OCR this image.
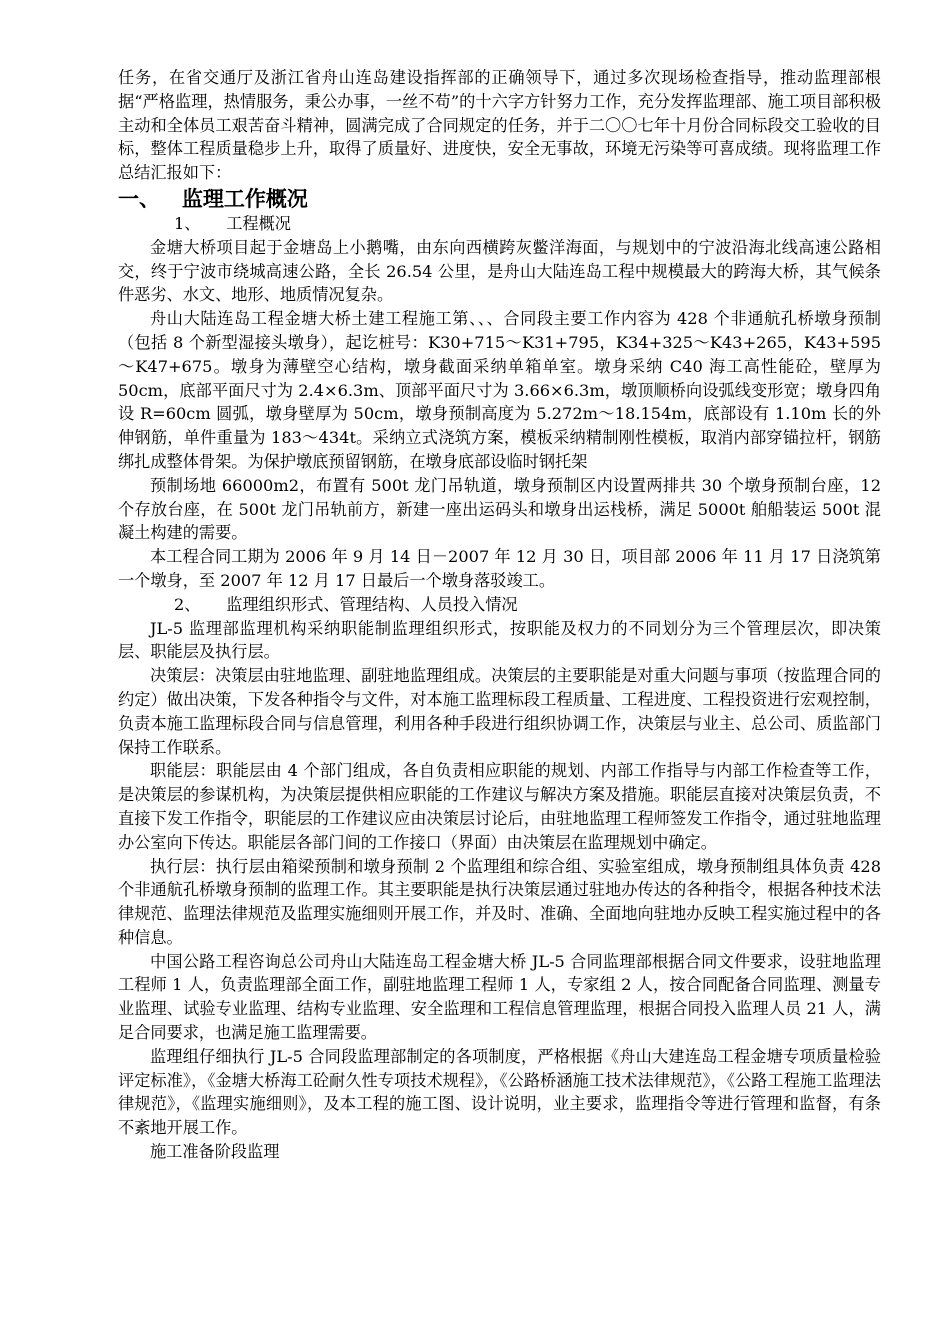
任务，在省交通厅及浙江省舟山连岛建设指挥部的正确领导下，通过多次现场检查指导，推动监理部根据“严格监理，热情服务，秉公办事，一丝不苟”的十六字方针努力工作，充分发挥监理部、施工项目部积极主动和全体员工艰苦奋斗精神，圆满完成了合同规定的任务，并于二〇〇七年十月份合同标段交工验收的目标，整体工程质量稳步上升，取得了质量好、进度快，安全无事故，环境无污染等可喜成绩。现将监理工作总结汇报如下：

一、   监理工作概况

1、     工程概况

金塘大桥项目起于金塘岛上小鹅嘴，由东向西横跨灰鳖洋海面，与规划中的宁波沿海北线高速公路相交，终于宁波市绕城高速公路，全长 26.54 公里，是舟山大陆连岛工程中规模最大的跨海大桥，其气候条件恶劣、水文、地形、地质情况复杂。

舟山大陆连岛工程金塘大桥土建工程施工第、、、合同段主要工作内容为 428 个非通航孔桥墩身预制（包括 8 个新型湿接头墩身），起讫桩号：K30+715～K31+795，K34+325～K43+265，K43+595～K47+675。墩身为薄壁空心结构，墩身截面采纳单箱单室。墩身采纳 C40 海工高性能砼，壁厚为 50cm，底部平面尺寸为 2.4×6.3m、顶部平面尺寸为 3.66×6.3m，墩顶顺桥向设弧线变形宽；墩身四角设 R=60cm 圆弧，墩身壁厚为 50cm，墩身预制高度为 5.272m～18.154m，底部设有 1.10m 长的外伸钢筋，单件重量为 183～434t。采纳立式浇筑方案，模板采纳精制刚性模板，取消内部穿锚拉杆，钢筋绑扎成整体骨架。为保护墩底预留钢筋，在墩身底部设临时钢托架

预制场地 66000m2，布置有 500t 龙门吊轨道，墩身预制区内设置两排共 30 个墩身预制台座，12 个存放台座，在 500t 龙门吊轨前方，新建一座出运码头和墩身出运栈桥，满足 5000t 舶船装运 500t 混凝土构建的需要。

本工程合同工期为 2006 年 9 月 14 日－2007 年 12 月 30 日，项目部 2006 年 11 月 17 日浇筑第一个墩身，至 2007 年 12 月 17 日最后一个墩身落驳竣工。

2、     监理组织形式、管理结构、人员投入情况

JL-5 监理部监理机构采纳职能制监理组织形式，按职能及权力的不同划分为三个管理层次，即决策层、职能层及执行层。

决策层：决策层由驻地监理、副驻地监理组成。决策层的主要职能是对重大问题与事项（按监理合同的约定）做出决策，下发各种指令与文件，对本施工监理标段工程质量、工程进度、工程投资进行宏观控制，负责本施工监理标段合同与信息管理，利用各种手段进行组织协调工作，决策层与业主、总公司、质监部门保持工作联系。

职能层：职能层由 4 个部门组成，各自负责相应职能的规划、内部工作指导与内部工作检查等工作，是决策层的参谋机构，为决策层提供相应职能的工作建议与解决方案及措施。职能层直接对决策层负责，不直接下发工作指令，职能层的工作建议应由决策层讨论后，由驻地监理工程师签发工作指令，通过驻地监理办公室向下传达。职能层各部门间的工作接口（界面）由决策层在监理规划中确定。

执行层：执行层由箱梁预制和墩身预制 2 个监理组和综合组、实验室组成，墩身预制组具体负责 428 个非通航孔桥墩身预制的监理工作。其主要职能是执行决策层通过驻地办传达的各种指令，根据各种技术法律规范、监理法律规范及监理实施细则开展工作，并及时、准确、全面地向驻地办反映工程实施过程中的各种信息。

中国公路工程咨询总公司舟山大陆连岛工程金塘大桥 JL-5 合同监理部根据合同文件要求，设驻地监理工程师 1 人，负责监理部全面工作，副驻地监理工程师 1 人，专家组 2 人，按合同配备合同监理、测量专业监理、试验专业监理、结构专业监理、安全监理和工程信息管理监理，根据合同投入监理人员 21 人，满足合同要求，也满足施工监理需要。

监理组仔细执行 JL-5 合同段监理部制定的各项制度，严格根据《舟山大建连岛工程金塘专项质量检验评定标准》，《金塘大桥海工砼耐久性专项技术规程》，《公路桥涵施工技术法律规范》，《公路工程施工监理法律规范》，《监理实施细则》，及本工程的施工图、设计说明，业主要求，监理指令等进行管理和监督，有条不紊地开展工作。

施工准备阶段监理
